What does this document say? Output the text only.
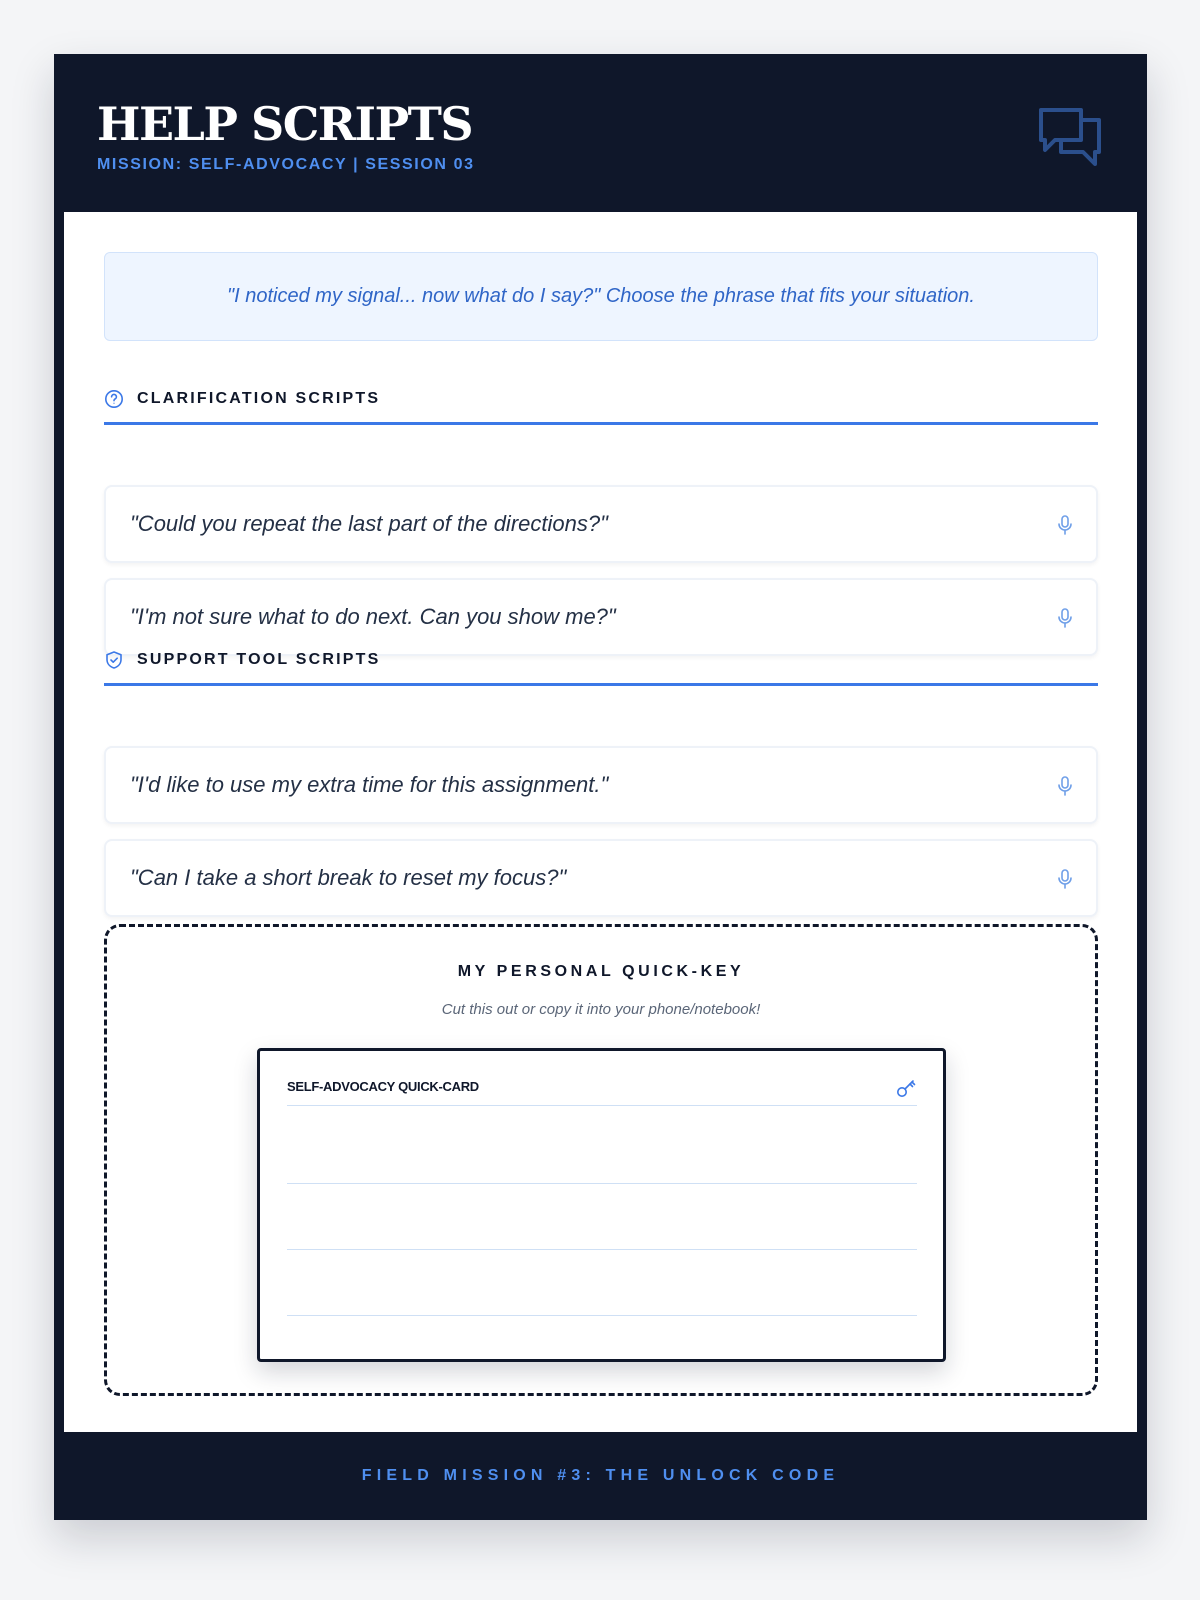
HELP SCRIPTS
MISSION: SELF-ADVOCACY | SESSION 03
"I noticed my signal... now what do I say?" Choose the phrase that fits your situation.
CLARIFICATION SCRIPTS
"Could you repeat the last part of the directions?"
"I'm not sure what to do next. Can you show me?"
SUPPORT TOOL SCRIPTS
"I'd like to use my extra time for this assignment."
"Can I take a short break to reset my focus?"
MY PERSONAL QUICK-KEY
Cut this out or copy it into your phone/notebook!
SELF-ADVOCACY QUICK-CARD
FIELD MISSION #3: THE UNLOCK CODE
